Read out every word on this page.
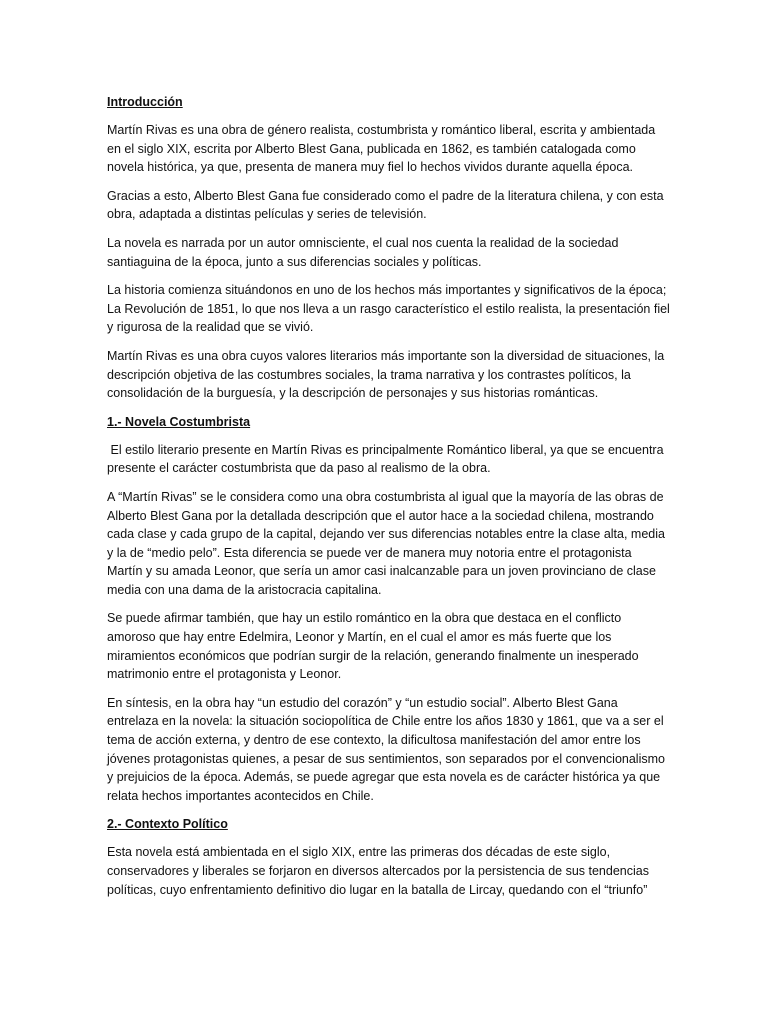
Introducción

Martín Rivas es una obra de género realista, costumbrista y romántico liberal, escrita y ambientada en el siglo XIX, escrita por Alberto Blest Gana, publicada en 1862, es también catalogada como novela histórica, ya que, presenta de manera muy fiel lo hechos vividos durante aquella época.

Gracias a esto, Alberto Blest Gana fue considerado como el padre de la literatura chilena, y con esta obra, adaptada a distintas películas y series de televisión.

La novela es narrada por un autor omnisciente, el cual nos cuenta la realidad de la sociedad santiaguina de la época, junto a sus diferencias sociales y políticas.

La historia comienza situándonos en uno de los hechos más importantes y significativos de la época; La Revolución de 1851, lo que nos lleva a un rasgo característico el estilo realista, la presentación fiel y rigurosa de la realidad que se vivió.

Martín Rivas es una obra cuyos valores literarios más importante son la diversidad de situaciones, la descripción objetiva de las costumbres sociales, la trama narrativa y los contrastes políticos, la consolidación de la burguesía, y la descripción de personajes y sus historias románticas.

1.- Novela Costumbrista

El estilo literario presente en Martín Rivas es principalmente Romántico liberal, ya que se encuentra presente el carácter costumbrista que da paso al realismo de la obra.

A “Martín Rivas” se le considera como una obra costumbrista al igual que la mayoría de las obras de Alberto Blest Gana por la detallada descripción que el autor hace a la sociedad chilena, mostrando cada clase y cada grupo de la capital, dejando ver sus diferencias notables entre la clase alta, media y la de “medio pelo”. Esta diferencia se puede ver de manera muy notoria entre el protagonista Martín y su amada Leonor, que sería un amor casi inalcanzable para un joven provinciano de clase media con una dama de la aristocracia capitalina.

Se puede afirmar también, que hay un estilo romántico en la obra que destaca en el conflicto amoroso que hay entre Edelmira, Leonor y Martín, en el cual el amor es más fuerte que los miramientos económicos que podrían surgir de la relación, generando finalmente un inesperado matrimonio entre el protagonista y Leonor.

En síntesis, en la obra hay “un estudio del corazón” y “un estudio social”. Alberto Blest Gana entrelaza en la novela: la situación sociopolítica de Chile entre los años 1830 y 1861, que va a ser el tema de acción externa, y dentro de ese contexto, la dificultosa manifestación del amor entre los jóvenes protagonistas quienes, a pesar de sus sentimientos, son separados por el convencionalismo y prejuicios de la época. Además, se puede agregar que esta novela es de carácter histórica ya que relata hechos importantes acontecidos en Chile.

2.- Contexto Político

Esta novela está ambientada en el siglo XIX, entre las primeras dos décadas de este siglo, conservadores y liberales se forjaron en diversos altercados por la persistencia de sus tendencias políticas, cuyo enfrentamiento definitivo dio lugar en la batalla de Lircay, quedando con el “triunfo”
